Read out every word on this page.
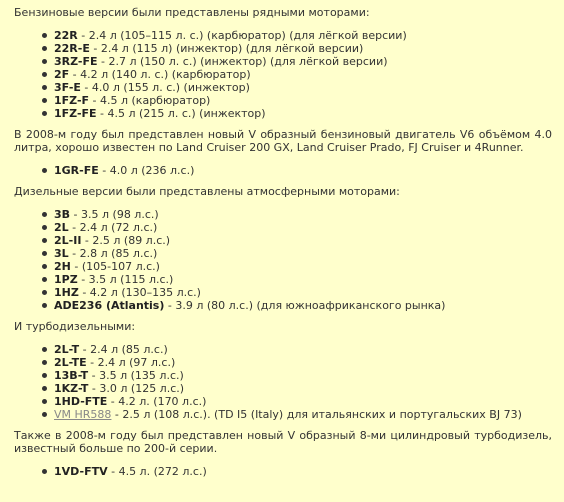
Бензиновые версии были представлены рядными моторами:

22R - 2.4 л (105–115 л. с.) (карбюратор) (для лёгкой версии)
22R-E - 2.4 л (115 л) (инжектор) (для лёгкой версии)
3RZ-FE - 2.7 л (150 л. с.) (инжектор) (для лёгкой версии)
2F - 4.2 л (140 л. с.) (карбюратор)
3F-E - 4.0 л (155 л. с.) (инжектор)
1FZ-F - 4.5 л (карбюратор)
1FZ-FE - 4.5 л (215 л. с.) (инжектор)

В 2008-м году был представлен новый V образный бензиновый двигатель V6 объёмом 4.0 литра, хорошо известен по Land Cruiser 200 GX, Land Cruiser Prado, FJ Cruiser и 4Runner.

1GR-FE - 4.0 л (236 л.с.)

Дизельные версии были представлены атмосферными моторами:

3B - 3.5 л (98 л.с.)
2L - 2.4 л (72 л.с.)
2L-II - 2.5 л (89 л.с.)
3L - 2.8 л (85 л.с.)
2H - (105-107 л.с.)
1PZ - 3.5 л (115 л.с.)
1HZ - 4.2 л (130–135 л.с.)
ADE236 (Atlantis) - 3.9 л (80 л.с.) (для южноафриканского рынка)

И турбодизельными:

2L-T - 2.4 л (85 л.с.)
2L-TE - 2.4 л (97 л.с.)
13B-T - 3.5 л (135 л.с.)
1KZ-T - 3.0 л (125 л.с.)
1HD-FTE - 4.2 л. (170 л.с.)
VM HR588 - 2.5 л (108 л.с.). (TD I5 (Italy) для итальянских и португальских BJ 73)

Также в 2008-м году был представлен новый V образный 8-ми цилиндровый турбодизель, известный больше по 200-й серии.

1VD-FTV - 4.5 л. (272 л.с.)
